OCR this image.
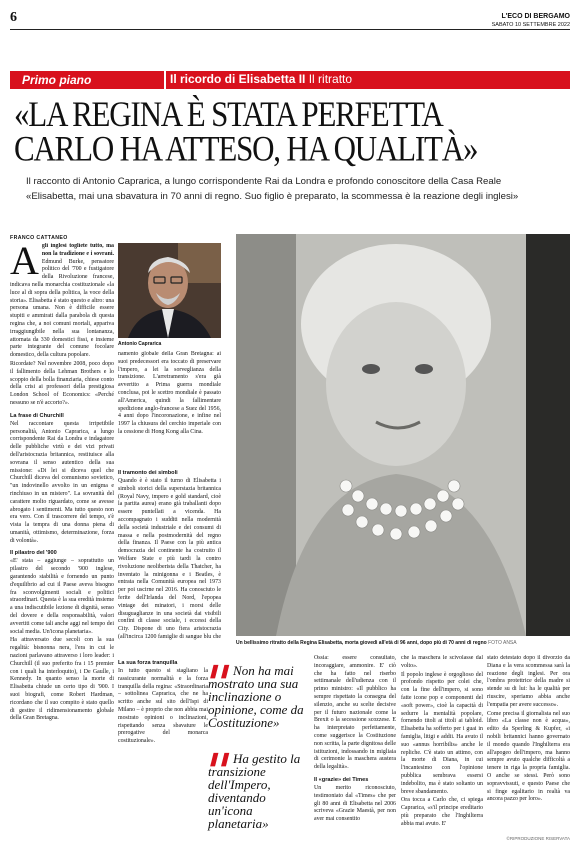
6	L'ECO DI BERGAMO
SABATO 10 SETTEMBRE 2022
Primo piano	Il ricordo di Elisabetta II Il ritratto
«LA REGINA È STATA PERFETTA
CARLO HA ATTESO, HA QUALITÀ»
Il racconto di Antonio Caprarica, a lungo corrispondente Rai da Londra e profondo conoscitore della Casa Reale
«Elisabetta, mai una sbavatura in 70 anni di regno. Suo figlio è preparato, la scommessa è la reazione degli inglesi»
FRANCO CATTANEO
A gli inglesi togliete tutto, ma non la tradizione e i sovrani. Edmund Burke, pensatore politico del '700 e fustigatore della Rivoluzione francese, indicava nella monarchia costituzionale «la luce al di sopra della politica, la voce della storia». Elisabetta è stato questo e altro: una persona umana. Non è difficile essere stupiti e ammirati dalla parabola di questa regina che, a noi comuni mortali, appariva irraggiungibile nella sua lontananza, attornata da 330 domestici fissi, e insieme parte integrante del comune focolare domestico, della cultura popolare.

Ricordate? Nel novembre 2008, poco dopo il fallimento della Lehman Brothers e lo scoppio della bolla finanziaria, chiese conto della crisi ai professori della prestigiosa London School of Economics: «Perché nessuno se n'è accorto?».

La frase di Churchill

Nel raccontare questa irripetibile personalità, Antonio Caprarica, a lungo corrispondente Rai da Londra e indagatore delle pubbliche virtù e dei vizi privati dell'aristocrazia britannica, restituisce alla sovrana il senso autentico della sua missione: «Di lei si diceva quel che Churchill diceva del comunismo sovietico, "un indovinello avvolto in un enigma e rinchiuso in un mistero". La sovranità del carattere molto riguardato, come se avesse abrogato i sentimenti. Ma tutto questo non era vero. Con il trascorrere del tempo, s'è vista la tempra di una donna piena di umanità, ottimismo, determinazione, forza di volontà».

Il pilastro del '900

«E' stata – aggiunge – soprattutto un pilastro del secondo '900 inglese, garantendo stabilità e fornendo un punto d'equilibrio ad cui il Paese aveva bisogno fra sconvolgimenti sociali e politici straordinari. Questa è la sua eredità insieme a una indiscutibile lezione di dignità, senso del dovere e della responsabilità, valori avvertiti come tali anche aggi nel tempo dei social media. Un'icona planetaria».

Ha attraversato due secoli con la sua regalità: bisnonna nera, l'era in cui le nazioni parlavano attraverso i loro leader: i Churchill (il suo preferito fra i 15 premier con i quali ha interloquito), i De Gaulle, i Kennedy. In quanto senso la morte di Elisabetta chiude un certo tipo di '900. I suoi biografi, come Robert Hardman, ricordano che il suo compito è stato quello di gestire il ridimensionamento globale della Gran Bretagna.

Antonio Caprarica

namento globale della Gran Bretagna: ai suoi predecessori era toccato di preservare l'impero, a lei la sorveglianza della transizione. L'arretramento s'era già avvertito a Prima guerra mondiale conclusa, poi le scettro mondiale è passato all'America, quindi la fallimentare spedizione anglo-francese a Suez del 1956, 4 anni dopo l'incoronazione, e infine nel 1997 la chiusura del cerchio imperiale con la cessione di Hong Kong alla Cina.

Il tramonto dei simboli

Quando è è stato il turno di Elisabetta i simboli storici della superstazia britannica (Royal Navy, impero e gold standard, cioè la partita aurea) erano già traballanti dopo essere puntellati a vicenda. Ha accompagnato i sudditi nella modernità della società industriale e dei consumi di massa e nella postmodernità del regno della finanza. Il Paese con la più antica democrazia del continente ha costruito il Welfare State e più tardi la contro rivoluzione neoliberista della Thatcher, ha inventato la minigonna e i Beatles, è entrata nella Comunità europea nel 1973 per poi uscirne nel 2016. Ha conosciuto le ferite dell'Irlanda del Nord, l'epopea vintage dei minatori, i morsi delle disuguaglianze in una società dai visibili confini di classe sociale, i eccessi della City. Dispone di uno fiera aristocrazia (all'incirca 1200 famiglie di sangue blu che

Un bellissimo ritratto della Regina Elisabetta, morta giovedì all'età di 96 anni, dopo più di 70 anni di regno FOTO ANSA
La sua forza tranquilla

In tutto questo si stagliano la rassicurante normalità e la forza tranquilla della regina: «Straordinaria – sottolinea Caprarica, che ne ha scritto anche sul sito dell'Ispi di Milano – è proprio che non abbia mai mostrato opinioni o inclinazioni, rispettando senza sbavature le prerogative del monarca costituzionale».

❚❚ Non ha mai mostrato una sua inclinazione o opinione, come da Costituzione»
❚❚ Ha gestito la transizione dell'Impero, diventando un'icona planetaria»

Ossia: essere consultato, incoraggiare, ammonire. E' ciò che ha fatto nel riserbo settimanale dell'udienza con il primo ministro: «Il pubblico ha sempre rispettato la consegna del silenzio, anche su scelte decisive per il futuro nazionale come la Brexit o la secessione scozzese. E ha interpretato perfettamente, come suggerisce la Costituzione non scritta, la parte dignitosa delle istituzioni, indossando in migliaia di cerimonie la maschera austera della legalità».

Il «grazie» dei Times

Un merito riconosciuto, testimoniato dal «Times» che per gli 80 anni di Elisabetta nel 2006 scriveva «Grazie Maestà, per non aver mai consentito

che la maschera le scivolasse dal volto».

Il popolo inglese è orgoglioso del profondo rispetto per colei che, con la fine dell'impero, si sono fatte icone pop e componenti del «soft power», cioè la capacità di sedurre la mentalità popolare, fornendo titoli ai titoli ai tabloid. Elisabetta ha sofferto per i guai in famiglia, litigi e addii. Ha avuto il suo «annus horribilis» anche le repliche. C'è stato un attimo, con la morte di Diana, in cui l'incantesimo con l'opinione pubblica sembrava essersi indebolito, ma è stato soltanto un breve sbandamento.

Ora tocca a Carlo che, ci spiega Caprarica, «s'il principe ereditario più preparato che l'Inghilterra abbia mai avuto. E'

stato detestato dopo il divorzio da Diana e la vera scommessa sarà la reazione degli inglesi. Per ora l'ombra protettrice della madre si stende su di lui: ha le qualità per riuscire, speriamo abbia anche l'empatia per avere successo».

Come precisa il giornalista nel suo libro «La classe non è acqua», edito da Sperling & Kupfer, «i nobili britannici hanno governato il mondo quando l'Inghilterra era all'apogeo dell'impero, ma hanno sempre avuto qualche difficoltà a tenere in riga la propria famiglia. O anche se stessi. Però sono sopravvissuti, e questo Paese che si finge egalitario in realtà va ancora pazzo per loro».

©RIPRODUZIONE RISERVATA
